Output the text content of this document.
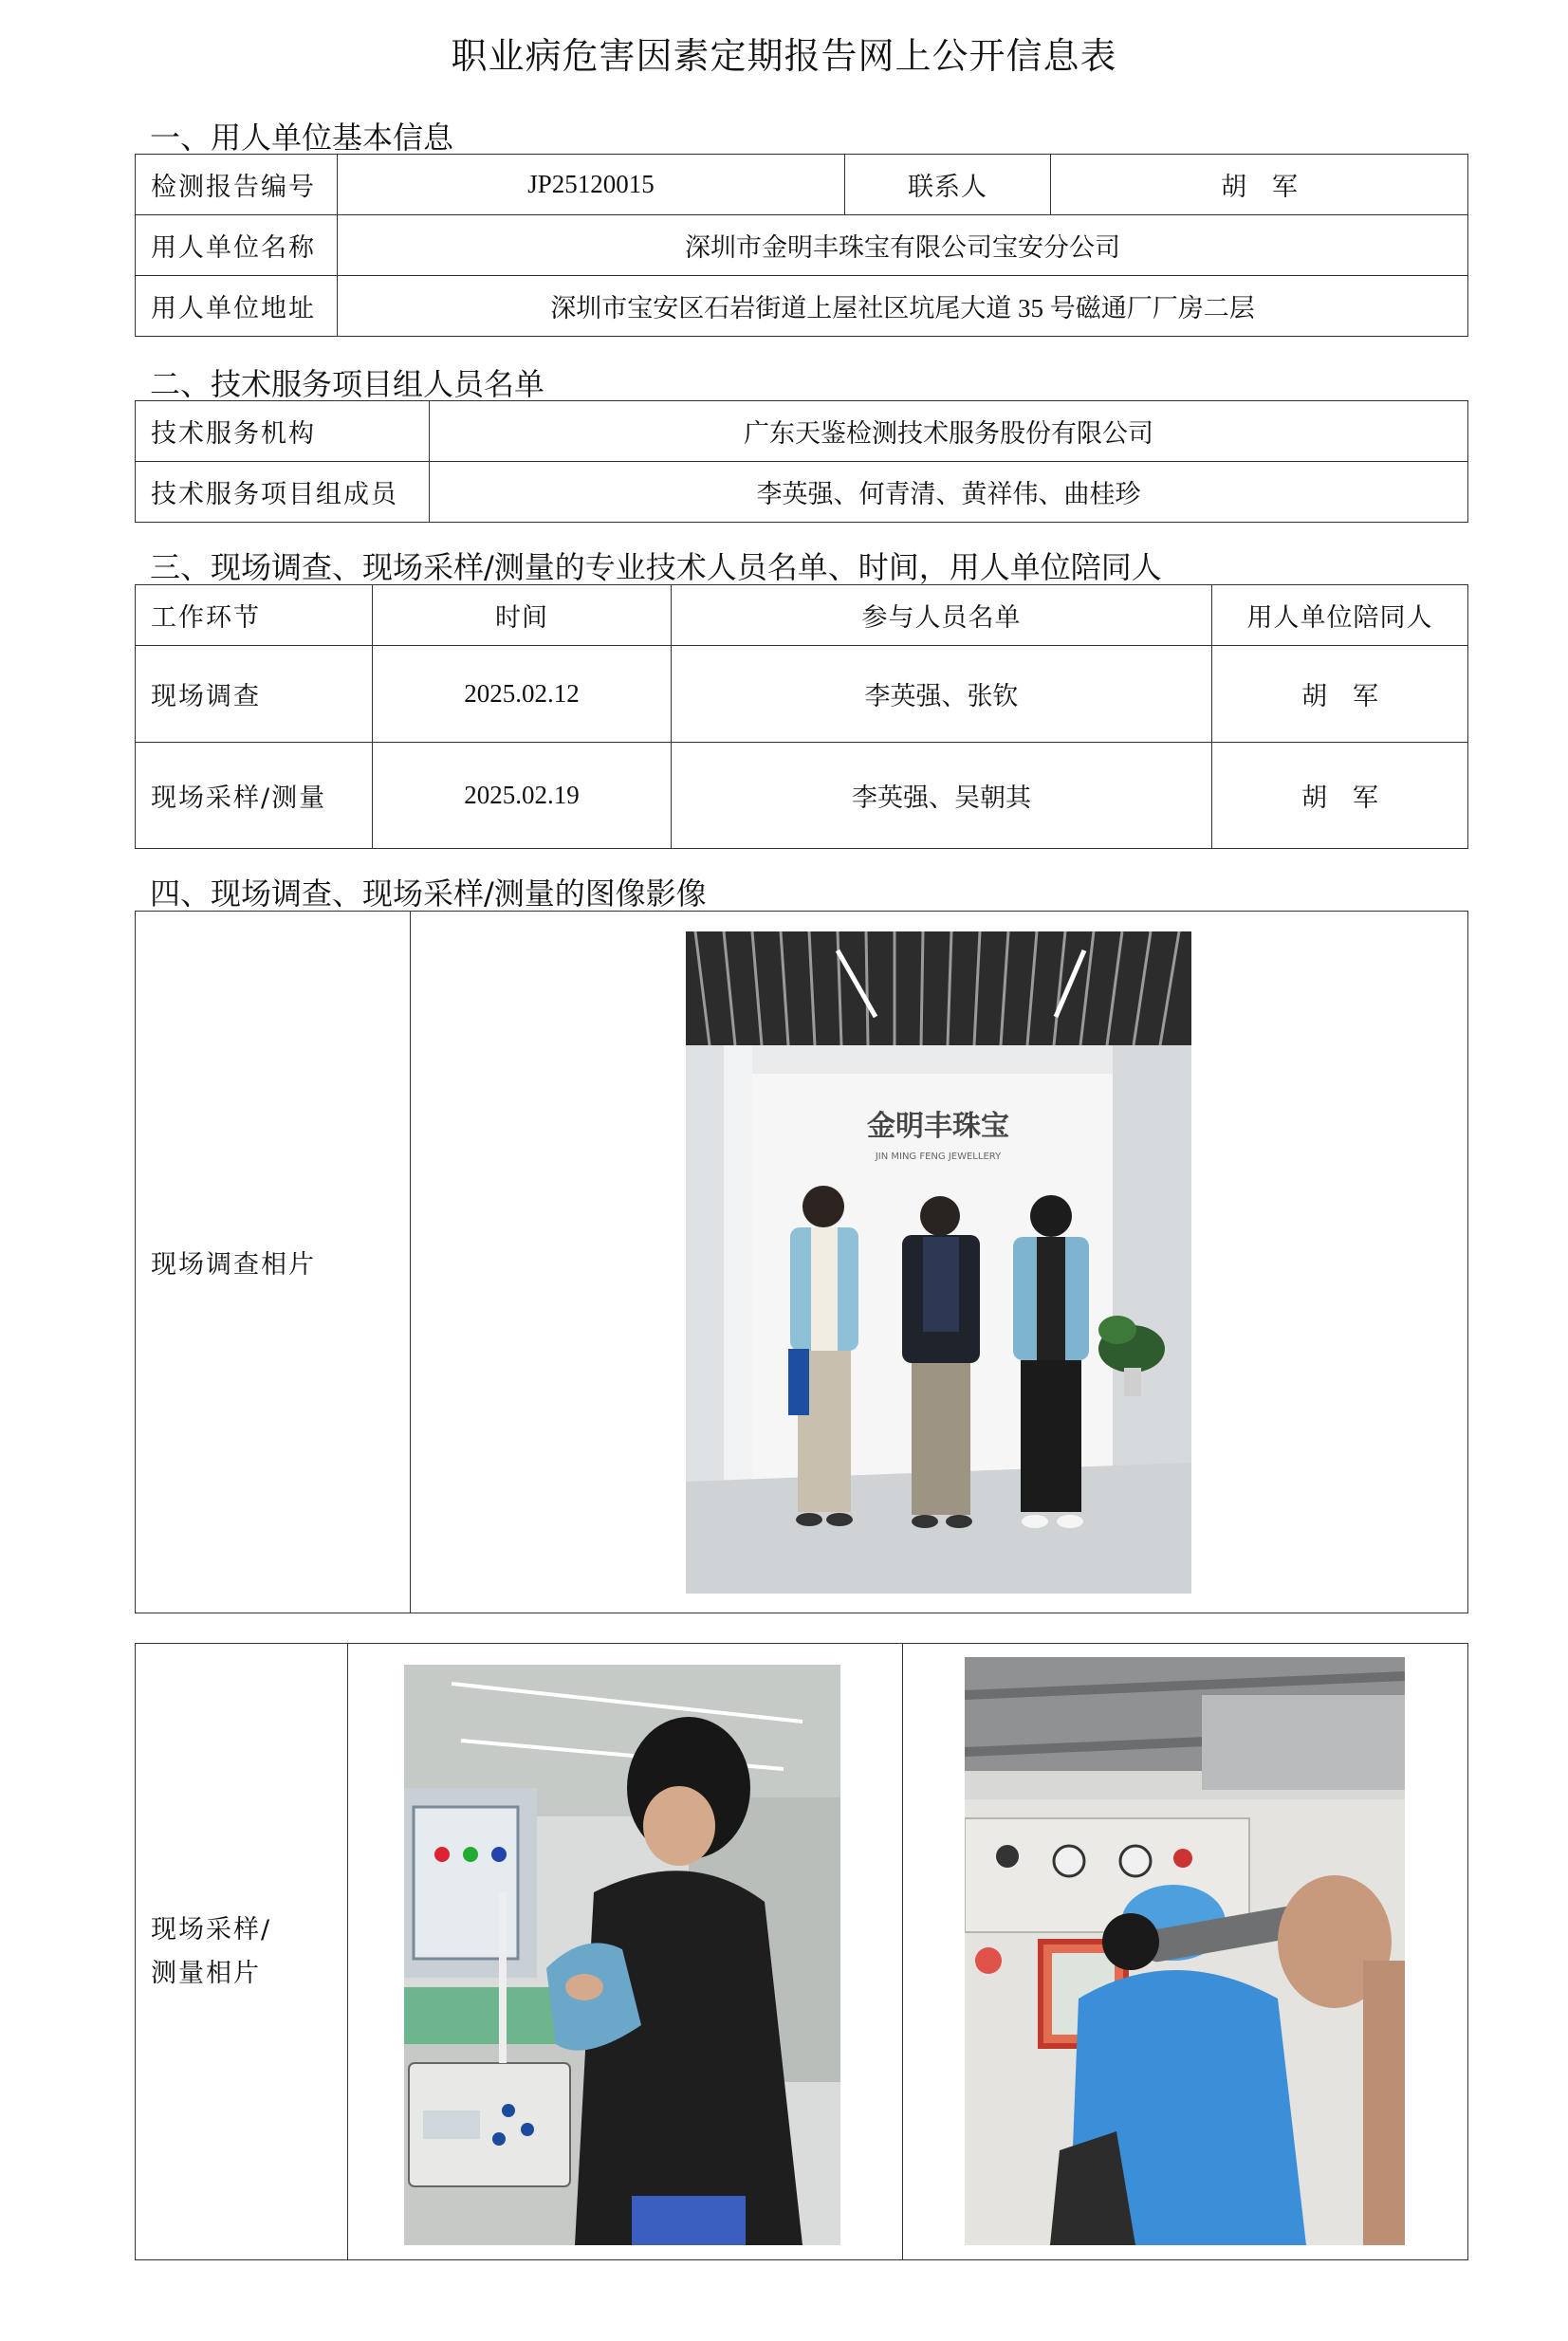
职业病危害因素定期报告网上公开信息表
一、用人单位基本信息
检测报告编号	JP25120015	联系人	胡　军
用人单位名称	深圳市金明丰珠宝有限公司宝安分公司		
用人单位地址	深圳市宝安区石岩街道上屋社区坑尾大道 35 号磁通厂厂房二层		
二、技术服务项目组人员名单
技术服务机构	广东天鉴检测技术服务股份有限公司
技术服务项目组成员	李英强、何青清、黄祥伟、曲桂珍
三、现场调查、现场采样/测量的专业技术人员名单、时间，用人单位陪同人
工作环节	时间	参与人员名单	用人单位陪同人
现场调查	2025.02.12	李英强、张钦	胡　军
现场采样/测量	2025.02.19	李英强、吴朝其	胡　军
四、现场调查、现场采样/测量的图像影像
现场调查相片	
金明丰珠宝
JIN MING FENG JEWELLERY
现场采样/
测量相片
